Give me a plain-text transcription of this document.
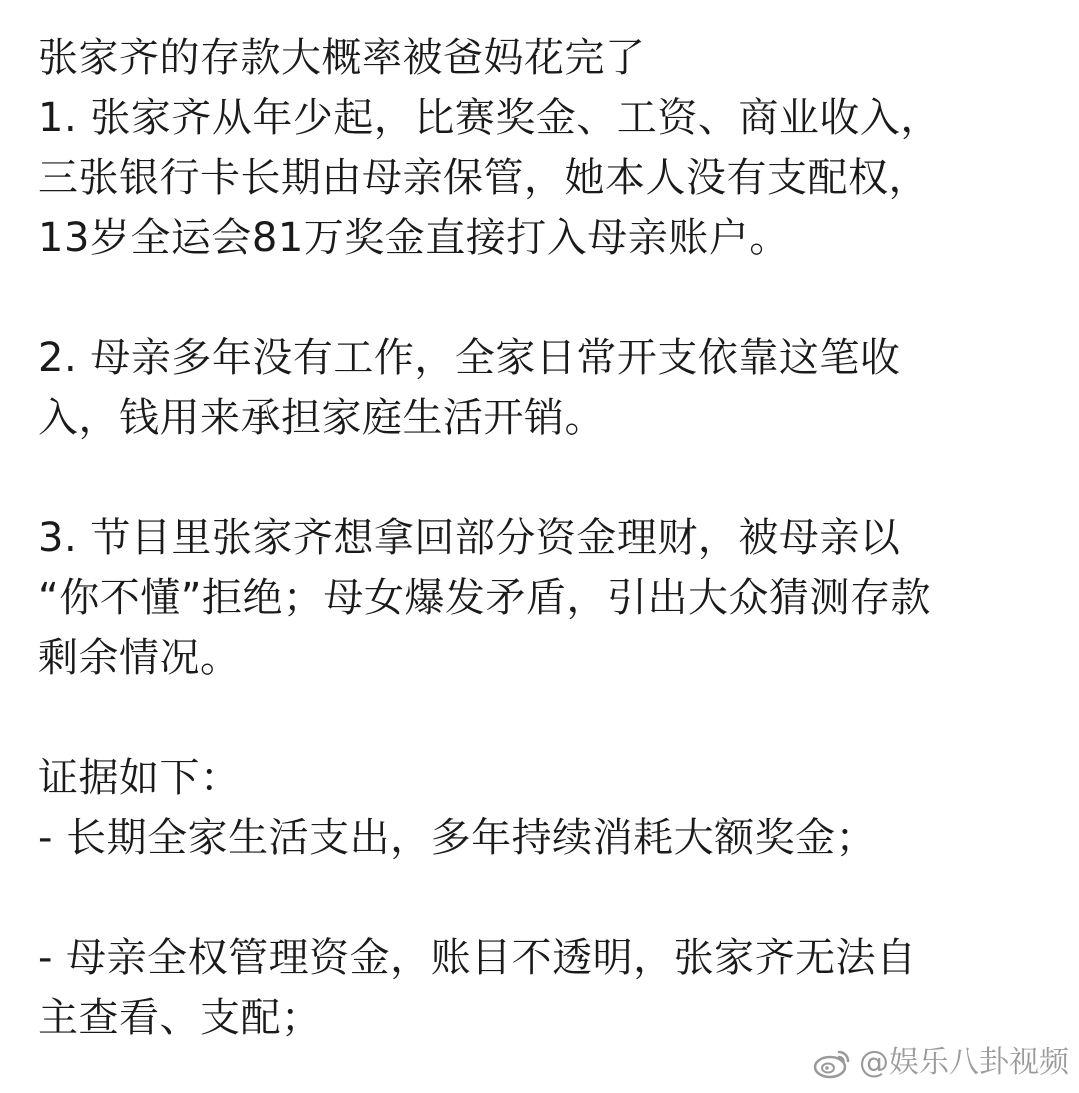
张家齐的存款大概率被爸妈花完了
1. 张家齐从年少起，比赛奖金、工资、商业收入，
三张银行卡长期由母亲保管，她本人没有支配权，
13岁全运会81万奖金直接打入母亲账户。
2. 母亲多年没有工作，全家日常开支依靠这笔收
入，钱用来承担家庭生活开销。
3. 节目里张家齐想拿回部分资金理财，被母亲以
“你不懂”拒绝；母女爆发矛盾，引出大众猜测存款
剩余情况。
证据如下：
- 长期全家生活支出，多年持续消耗大额奖金；
- 母亲全权管理资金，账目不透明，张家齐无法自
主查看、支配；
@娱乐八卦视频
